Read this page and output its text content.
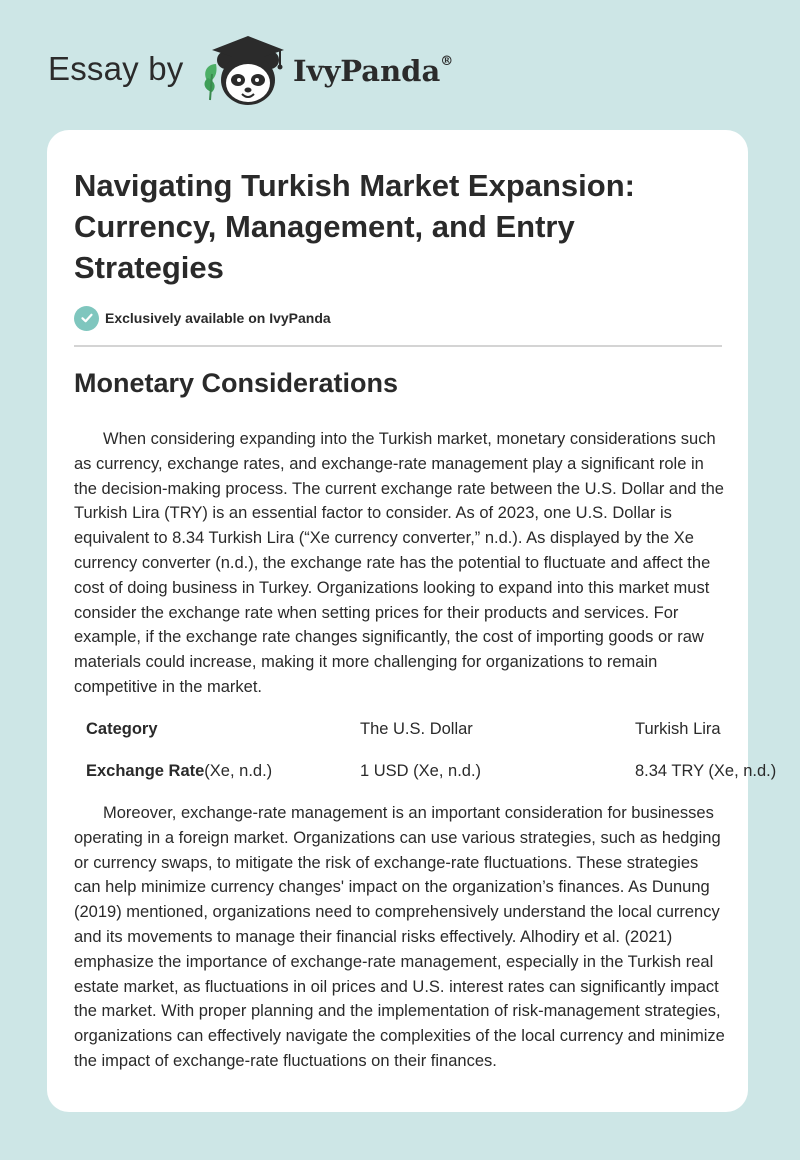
Essay by	IvyPanda®
Navigating Turkish Market Expansion: Currency, Management, and Entry Strategies
Exclusively available on IvyPanda
Monetary Considerations

When considering expanding into the Turkish market, monetary considerations such as currency, exchange rates, and exchange-rate management play a significant role in the decision-making process. The current exchange rate between the U.S. Dollar and the Turkish Lira (TRY) is an essential factor to consider. As of 2023, one U.S. Dollar is equivalent to 8.34 Turkish Lira (“Xe currency converter,” n.d.). As displayed by the Xe currency converter (n.d.), the exchange rate has the potential to fluctuate and affect the cost of doing business in Turkey. Organizations looking to expand into this market must consider the exchange rate when setting prices for their products and services. For example, if the exchange rate changes significantly, the cost of importing goods or raw materials could increase, making it more challenging for organizations to remain competitive in the market.

Category	The U.S. Dollar	Turkish Lira
Exchange Rate(Xe, n.d.)	1 USD (Xe, n.d.)	8.34 TRY (Xe, n.d.)

Moreover, exchange-rate management is an important consideration for businesses operating in a foreign market. Organizations can use various strategies, such as hedging or currency swaps, to mitigate the risk of exchange-rate fluctuations. These strategies can help minimize currency changes' impact on the organization’s finances. As Dunung (2019) mentioned, organizations need to comprehensively understand the local currency and its movements to manage their financial risks effectively. Alhodiry et al. (2021) emphasize the importance of exchange-rate management, especially in the Turkish real estate market, as fluctuations in oil prices and U.S. interest rates can significantly impact the market. With proper planning and the implementation of risk-management strategies, organizations can effectively navigate the complexities of the local currency and minimize the impact of exchange-rate fluctuations on their finances.
